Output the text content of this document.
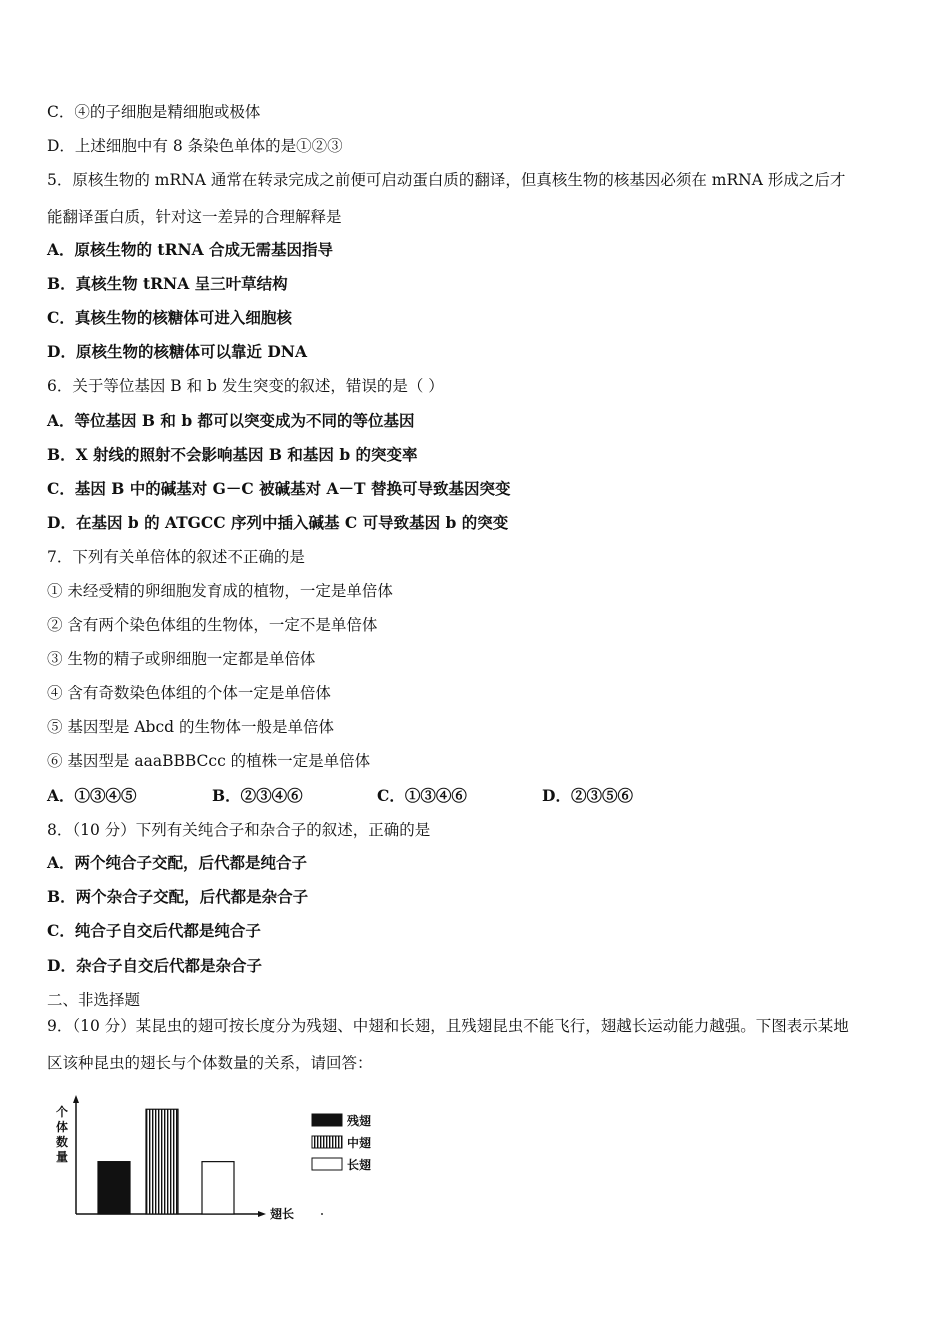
C．④的子细胞是精细胞或极体
D．上述细胞中有 8 条染色单体的是①②③
5．原核生物的 mRNA 通常在转录完成之前便可启动蛋白质的翻译，但真核生物的核基因必须在 mRNA 形成之后才
能翻译蛋白质，针对这一差异的合理解释是
A．原核生物的 tRNA 合成无需基因指导
B．真核生物 tRNA 呈三叶草结构
C．真核生物的核糖体可进入细胞核
D．原核生物的核糖体可以靠近 DNA
6．关于等位基因 B 和 b 发生突变的叙述，错误的是（ ）
A．等位基因 B 和 b 都可以突变成为不同的等位基因
B．X 射线的照射不会影响基因 B 和基因 b 的突变率
C．基因 B 中的碱基对 G－C 被碱基对 A－T 替换可导致基因突变
D．在基因 b 的 ATGCC 序列中插入碱基 C 可导致基因 b 的突变
7．下列有关单倍体的叙述不正确的是
① 未经受精的卵细胞发育成的植物，一定是单倍体
② 含有两个染色体组的生物体，一定不是单倍体
③ 生物的精子或卵细胞一定都是单倍体
④ 含有奇数染色体组的个体一定是单倍体
⑤ 基因型是 Abcd 的生物体一般是单倍体
⑥ 基因型是 aaaBBBCcc 的植株一定是单倍体
A．①③④⑤	B．②③④⑥	C．①③④⑥	D．②③⑤⑥
8．（10 分）下列有关纯合子和杂合子的叙述，正确的是
A．两个纯合子交配，后代都是纯合子
B．两个杂合子交配，后代都是杂合子
C．纯合子自交后代都是纯合子
D．杂合子自交后代都是杂合子
二、非选择题
9．（10 分）某昆虫的翅可按长度分为残翅、中翅和长翅，且残翅昆虫不能飞行，翅越长运动能力越强。下图表示某地
区该种昆虫的翅长与个体数量的关系，请回答：
个
体
数
量
翅长
残翅
中翅
长翅
